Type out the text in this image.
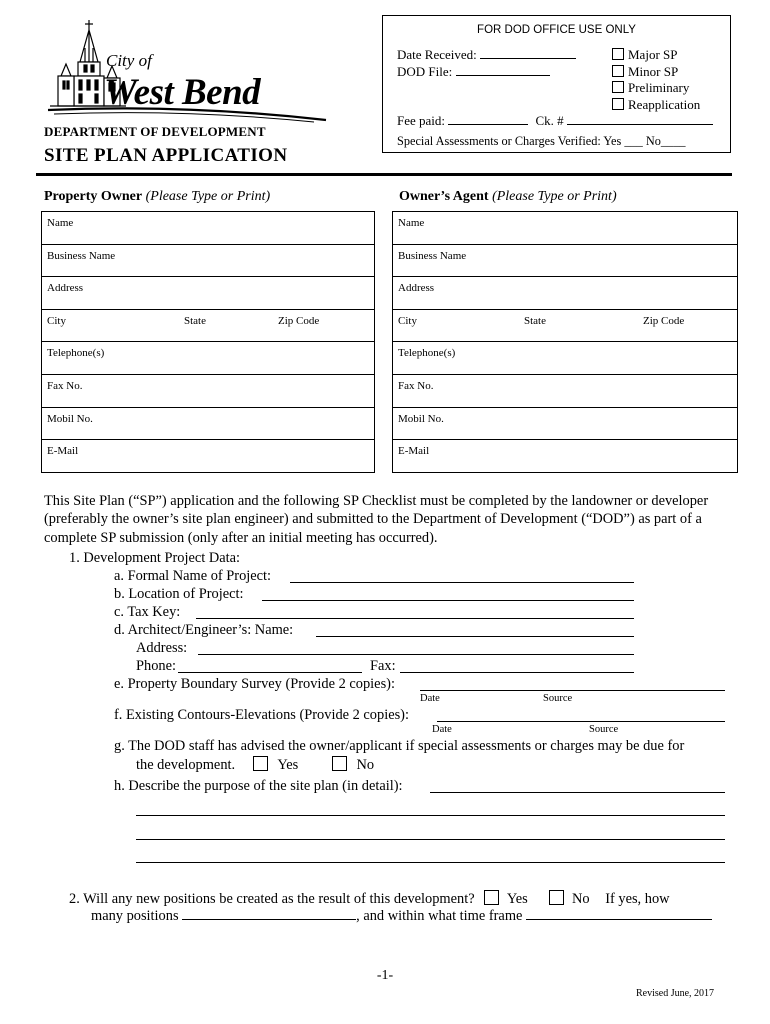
City of
West Bend
DEPARTMENT OF DEVELOPMENT
SITE PLAN APPLICATION
FOR DOD OFFICE USE ONLY
Date Received:
DOD File:
Major SP
Minor SP
Preliminary
Reapplication
Fee paid:	Ck. #
Special Assessments or Charges Verified: Yes ___ No____
Property Owner (Please Type or Print)	Owner’s Agent (Please Type or Print)
Name
Business Name
Address
City	State	Zip Code
Telephone(s)
Fax No.
Mobil No.
E-Mail
Name
Business Name
Address
City	State	Zip Code
Telephone(s)
Fax No.
Mobil No.
E-Mail
This Site Plan (“SP”) application and the following SP Checklist must be completed by the landowner or developer (preferably the owner’s site plan engineer) and submitted to the Department of Development (“DOD”) as part of a complete SP submission (only after an initial meeting has occurred).
1. Development Project Data:
a. Formal Name of Project:
b. Location of Project:
c. Tax Key:
d. Architect/Engineer’s: Name:
Address:
Phone:	Fax:
e. Property Boundary Survey (Provide 2 copies):
Date	Source
f. Existing Contours-Elevations (Provide 2 copies):
Date	Source
g. The DOD staff has advised the owner/applicant if special assessments or charges may be due for
the development.	Yes	No
h. Describe the purpose of the site plan (in detail):
2. Will any new positions be created as the result of this development? Yes	No If yes, how
many positions	, and within what time frame
-1-
Revised June, 2017
